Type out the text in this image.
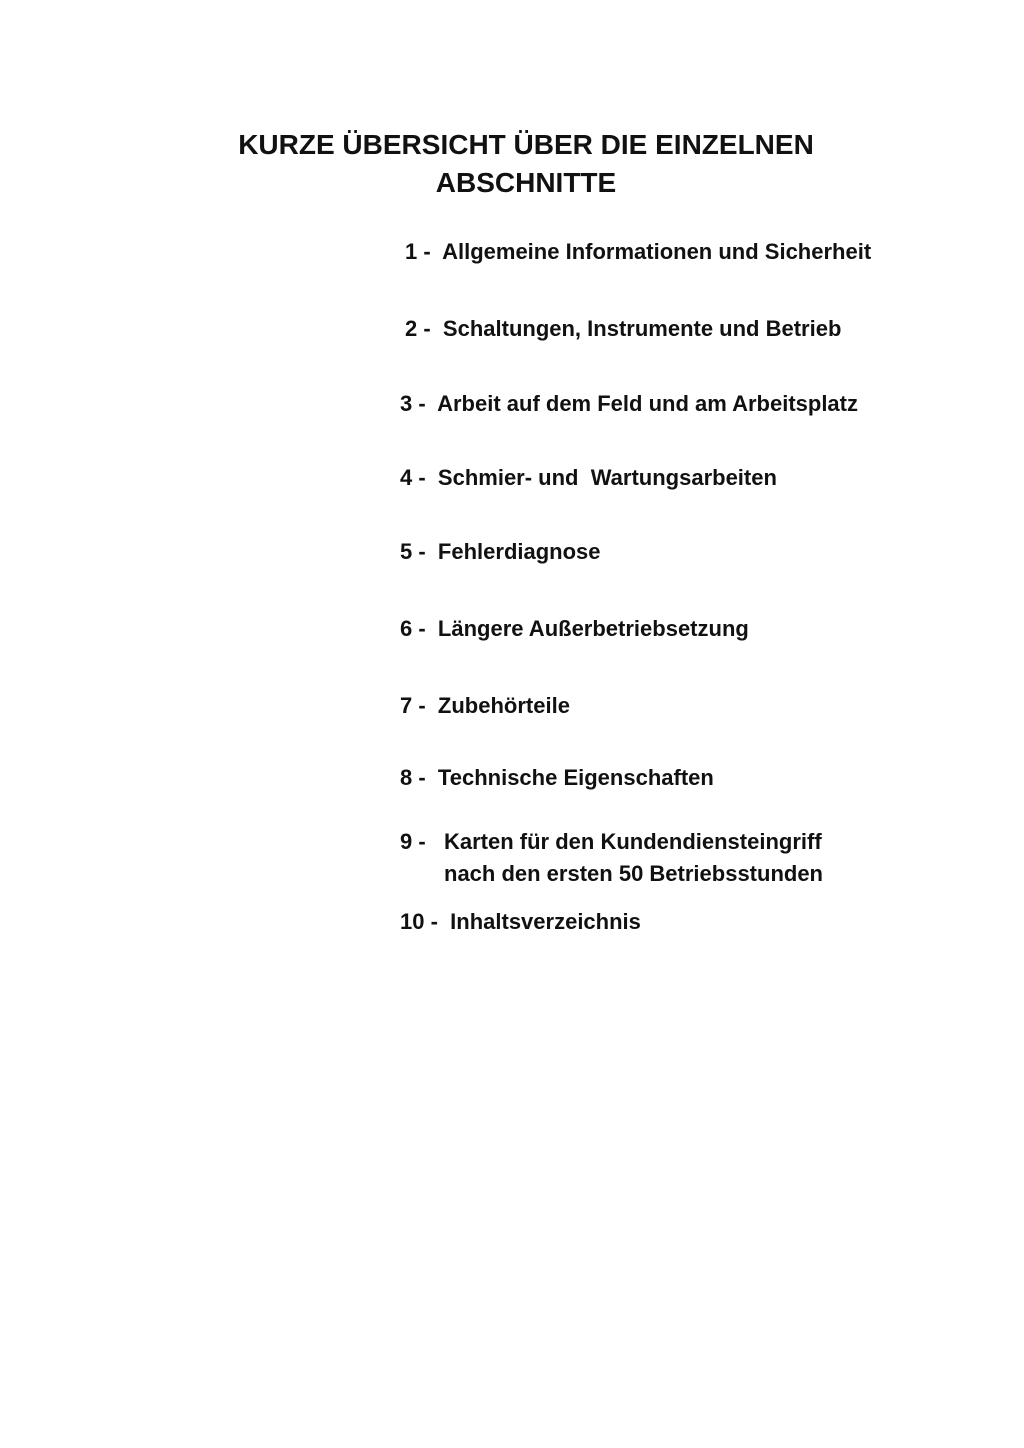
KURZE ÜBERSICHT ÜBER DIE EINZELNEN
ABSCHNITTE
1 -  Allgemeine Informationen und Sicherheit
2 -  Schaltungen, Instrumente und Betrieb
3 -  Arbeit auf dem Feld und am Arbeitsplatz
4 -  Schmier- und  Wartungsarbeiten
5 -  Fehlerdiagnose
6 -  Längere Außerbetriebsetzung
7 -  Zubehörteile
8 -  Technische Eigenschaften
9 - Karten für den Kundendiensteingriff
nach den ersten 50 Betriebsstunden
10 -  Inhaltsverzeichnis
